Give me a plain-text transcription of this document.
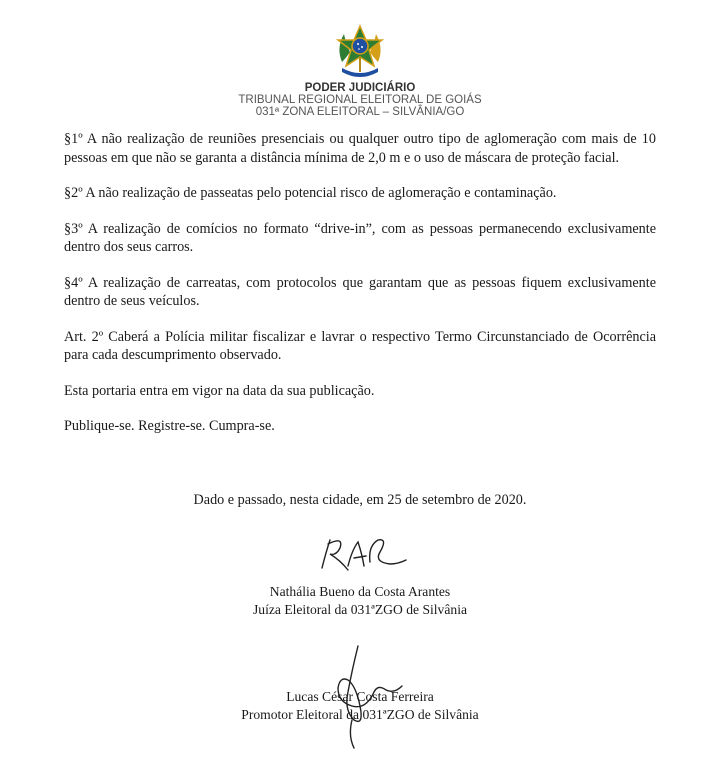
PODER JUDICIÁRIO
TRIBUNAL REGIONAL ELEITORAL DE GOIÁS
031ª ZONA ELEITORAL – SILVÂNIA/GO

§1º A não realização de reuniões presenciais ou qualquer outro tipo de aglomeração com mais de 10 pessoas em que não se garanta a distância mínima de 2,0 m e o uso de máscara de proteção facial.

§2º A não realização de passeatas pelo potencial risco de aglomeração e contaminação.

§3º A realização de comícios no formato “drive-in”, com as pessoas permanecendo exclusivamente dentro dos seus carros.

§4º A realização de carreatas, com protocolos que garantam que as pessoas fiquem exclusivamente dentro de seus veículos.

Art. 2º Caberá a Polícia militar fiscalizar e lavrar o respectivo Termo Circunstanciado de Ocorrência para cada descumprimento observado.

Esta portaria entra em vigor na data da sua publicação.

Publique-se. Registre-se. Cumpra-se.

Dado e passado, nesta cidade, em 25 de setembro de 2020.
Nathália Bueno da Costa Arantes
Juíza Eleitoral da 031ªZGO de Silvânia
Lucas César Costa Ferreira
Promotor Eleitoral da 031ªZGO de Silvânia
